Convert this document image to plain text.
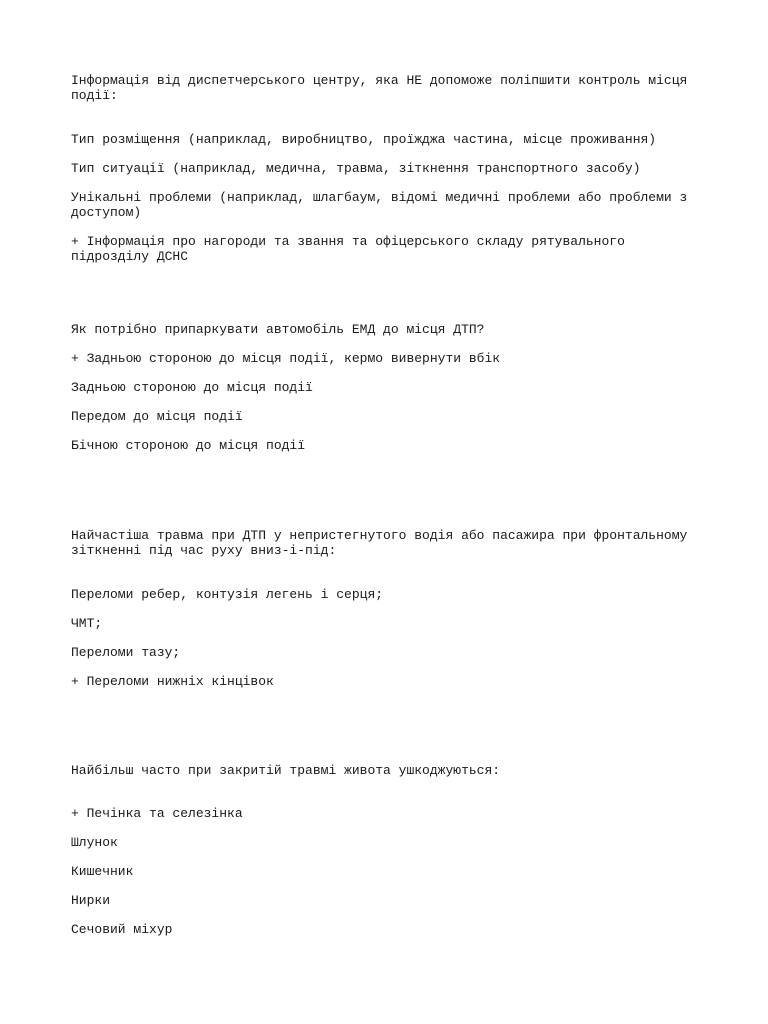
Інформація від диспетчерського центру, яка НЕ допоможе поліпшити контроль місця події:

Тип розміщення (наприклад, виробництво, проїжджа частина, місце проживання)
Тип ситуації (наприклад, медична, травма, зіткнення транспортного засобу)
Унікальні проблеми (наприклад, шлагбаум, відомі медичні проблеми або проблеми з доступом)
+ Інформація про нагороди та звання та офіцерського складу рятувального підрозділу ДСНС

Як потрібно припаркувати автомобіль ЕМД до місця ДТП?

+ Задньою стороною до місця події, кермо вивернути вбік
Задньою стороною до місця події
Передом до місця події
Бічною стороною до місця події

Найчастіша травма при ДТП у непристегнутого водія або пасажира при фронтальному зіткненні під час руху вниз-і-під:

Переломи ребер, контузія легень і серця;
ЧМТ;
Переломи тазу;
+ Переломи нижніх кінцівок

Найбільш часто при закритій травмі живота ушкоджуються:

+ Печінка та селезінка
Шлунок
Кишечник
Нирки
Сечовий міхур
